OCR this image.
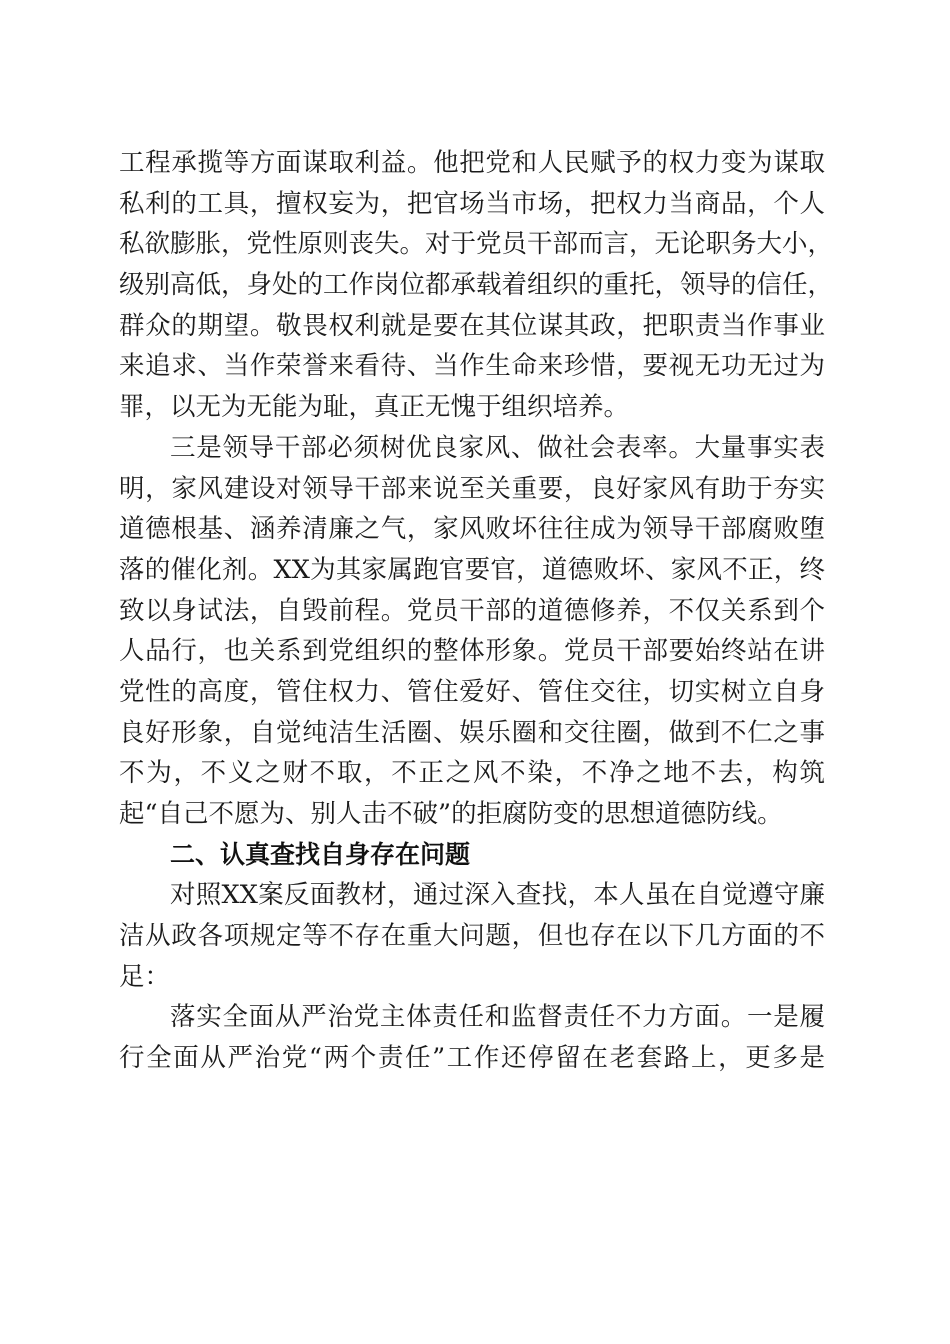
工程承揽等方面谋取利益。他把党和人民赋予的权力变为谋取
私利的工具，擅权妄为，把官场当市场，把权力当商品，个人
私欲膨胀，党性原则丧失。对于党员干部而言，无论职务大小，
级别高低，身处的工作岗位都承载着组织的重托，领导的信任，
群众的期望。敬畏权利就是要在其位谋其政，把职责当作事业
来追求、当作荣誉来看待、当作生命来珍惜，要视无功无过为
罪，以无为无能为耻，真正无愧于组织培养。
三是领导干部必须树优良家风、做社会表率。大量事实表
明，家风建设对领导干部来说至关重要，良好家风有助于夯实
道德根基、涵养清廉之气，家风败坏往往成为领导干部腐败堕
落的催化剂。XX为其家属跑官要官，道德败坏、家风不正，终
致以身试法，自毁前程。党员干部的道德修养，不仅关系到个
人品行，也关系到党组织的整体形象。党员干部要始终站在讲
党性的高度，管住权力、管住爱好、管住交往，切实树立自身
良好形象，自觉纯洁生活圈、娱乐圈和交往圈，做到不仁之事
不为，不义之财不取，不正之风不染，不净之地不去，构筑
起“自己不愿为、别人击不破”的拒腐防变的思想道德防线。
二、认真查找自身存在问题
对照XX案反面教材，通过深入查找，本人虽在自觉遵守廉
洁从政各项规定等不存在重大问题，但也存在以下几方面的不
足：
落实全面从严治党主体责任和监督责任不力方面。一是履
行全面从严治党“两个责任”工作还停留在老套路上，更多是
